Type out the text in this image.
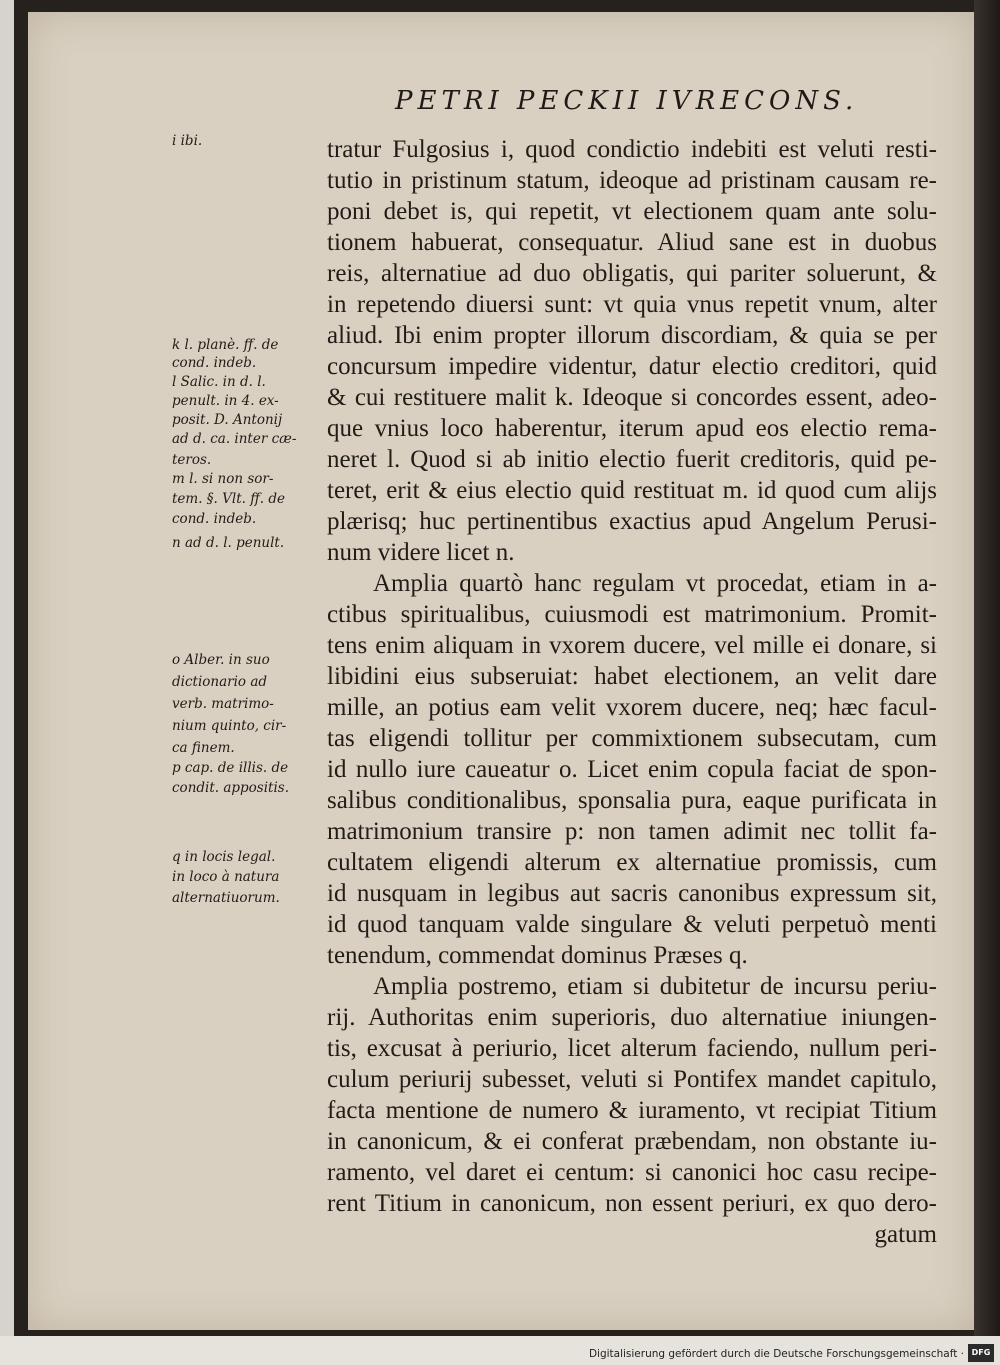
PETRI PECKII IVRECONS.
tratur Fulgosius i, quod condictio indebiti est veluti resti-
tutio in pristinum statum, ideoque ad pristinam causam re-
poni debet is, qui repetit, vt electionem quam ante solu-
tionem habuerat, consequatur. Aliud sane est in duobus
reis, alternatiue ad duo obligatis, qui pariter soluerunt, &
in repetendo diuersi sunt: vt quia vnus repetit vnum, alter
aliud. Ibi enim propter illorum discordiam, & quia se per
concursum impedire videntur, datur electio creditori, quid
& cui restituere malit k. Ideoque si concordes essent, adeo-
que vnius loco haberentur, iterum apud eos electio rema-
neret l. Quod si ab initio electio fuerit creditoris, quid pe-
teret, erit & eius electio quid restituat m. id quod cum alijs
plærisq; huc pertinentibus exactius apud Angelum Perusi-
num videre licet n.
Amplia quartò hanc regulam vt procedat, etiam in a-
ctibus spiritualibus, cuiusmodi est matrimonium. Promit-
tens enim aliquam in vxorem ducere, vel mille ei donare, si
libidini eius subseruiat: habet electionem, an velit dare
mille, an potius eam velit vxorem ducere, neq; hæc facul-
tas eligendi tollitur per commixtionem subsecutam, cum
id nullo iure caueatur o. Licet enim copula faciat de spon-
salibus conditionalibus, sponsalia pura, eaque purificata in
matrimonium transire p: non tamen adimit nec tollit fa-
cultatem eligendi alterum ex alternatiue promissis, cum
id nusquam in legibus aut sacris canonibus expressum sit,
id quod tanquam valde singulare & veluti perpetuò menti
tenendum, commendat dominus Præses q.
Amplia postremo, etiam si dubitetur de incursu periu-
rij. Authoritas enim superioris, duo alternatiue iniungen-
tis, excusat à periurio, licet alterum faciendo, nullum peri-
culum periurij subesset, veluti si Pontifex mandet capitulo,
facta mentione de numero & iuramento, vt recipiat Titium
in canonicum, & ei conferat præbendam, non obstante iu-
ramento, vel daret ei centum: si canonici hoc casu recipe-
rent Titium in canonicum, non essent periuri, ex quo dero-
gatum
i ibi.
k l. planè. ff. de
cond. indeb.
l Salic. in d. l.
penult. in 4. ex-
posit. D. Antonij
ad d. ca. inter cæ-
teros.
m l. si non sor-
tem. §. Vlt. ff. de
cond. indeb.
n ad d. l. penult.
o Alber. in suo
dictionario ad
verb. matrimo-
nium quinto, cir-
ca finem.
p cap. de illis. de
condit. appositis.
q in locis legal.
in loco à natura
alternatiuorum.
Digitalisierung gefördert durch die Deutsche Forschungsgemeinschaft · DFG
